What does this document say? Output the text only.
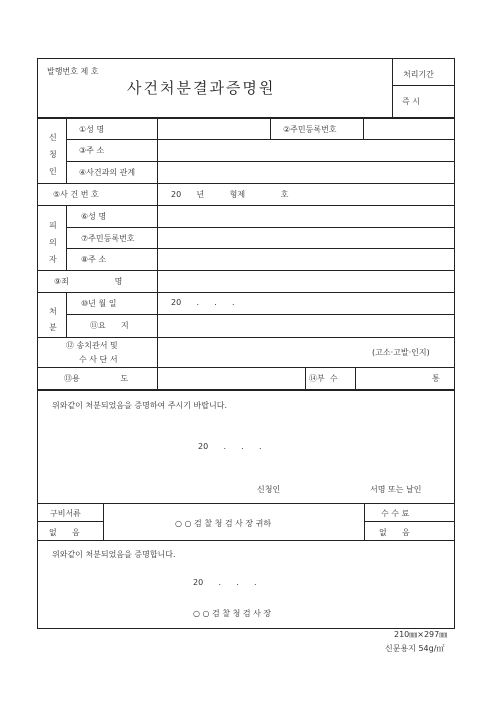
발행번호 제 호
사건처분결과증명원
처리기간
즉 시
신
청
인
①성 명	②주민등록번호
③주 소
④사건과의 관계
⑤사 건 번 호	20      년          형제              호
피
의
자
⑥성 명
⑦주민등록번호
⑧주 소
⑨죄                  명
처
분
⑩년 월 일	20      .      .      .
⑪요      지
⑫ 송치관서 및
수 사 단 서
(고소·고발·인지)
⑬용                도	⑭부  수	통
위와같이 처분되었음을 증명하여 주시기 바랍니다.
20      .      .      .
신청인	서명 또는 날인
구비서류
없      음
○ ○ 검 찰 청 검 사 장 귀하
수 수 료
없      음
위와같이 처분되었음을 증명합니다.
20      .      .      .
○ ○ 검 찰 청 검 사 장
210㎜×297㎜
신문용지 54g/㎡
